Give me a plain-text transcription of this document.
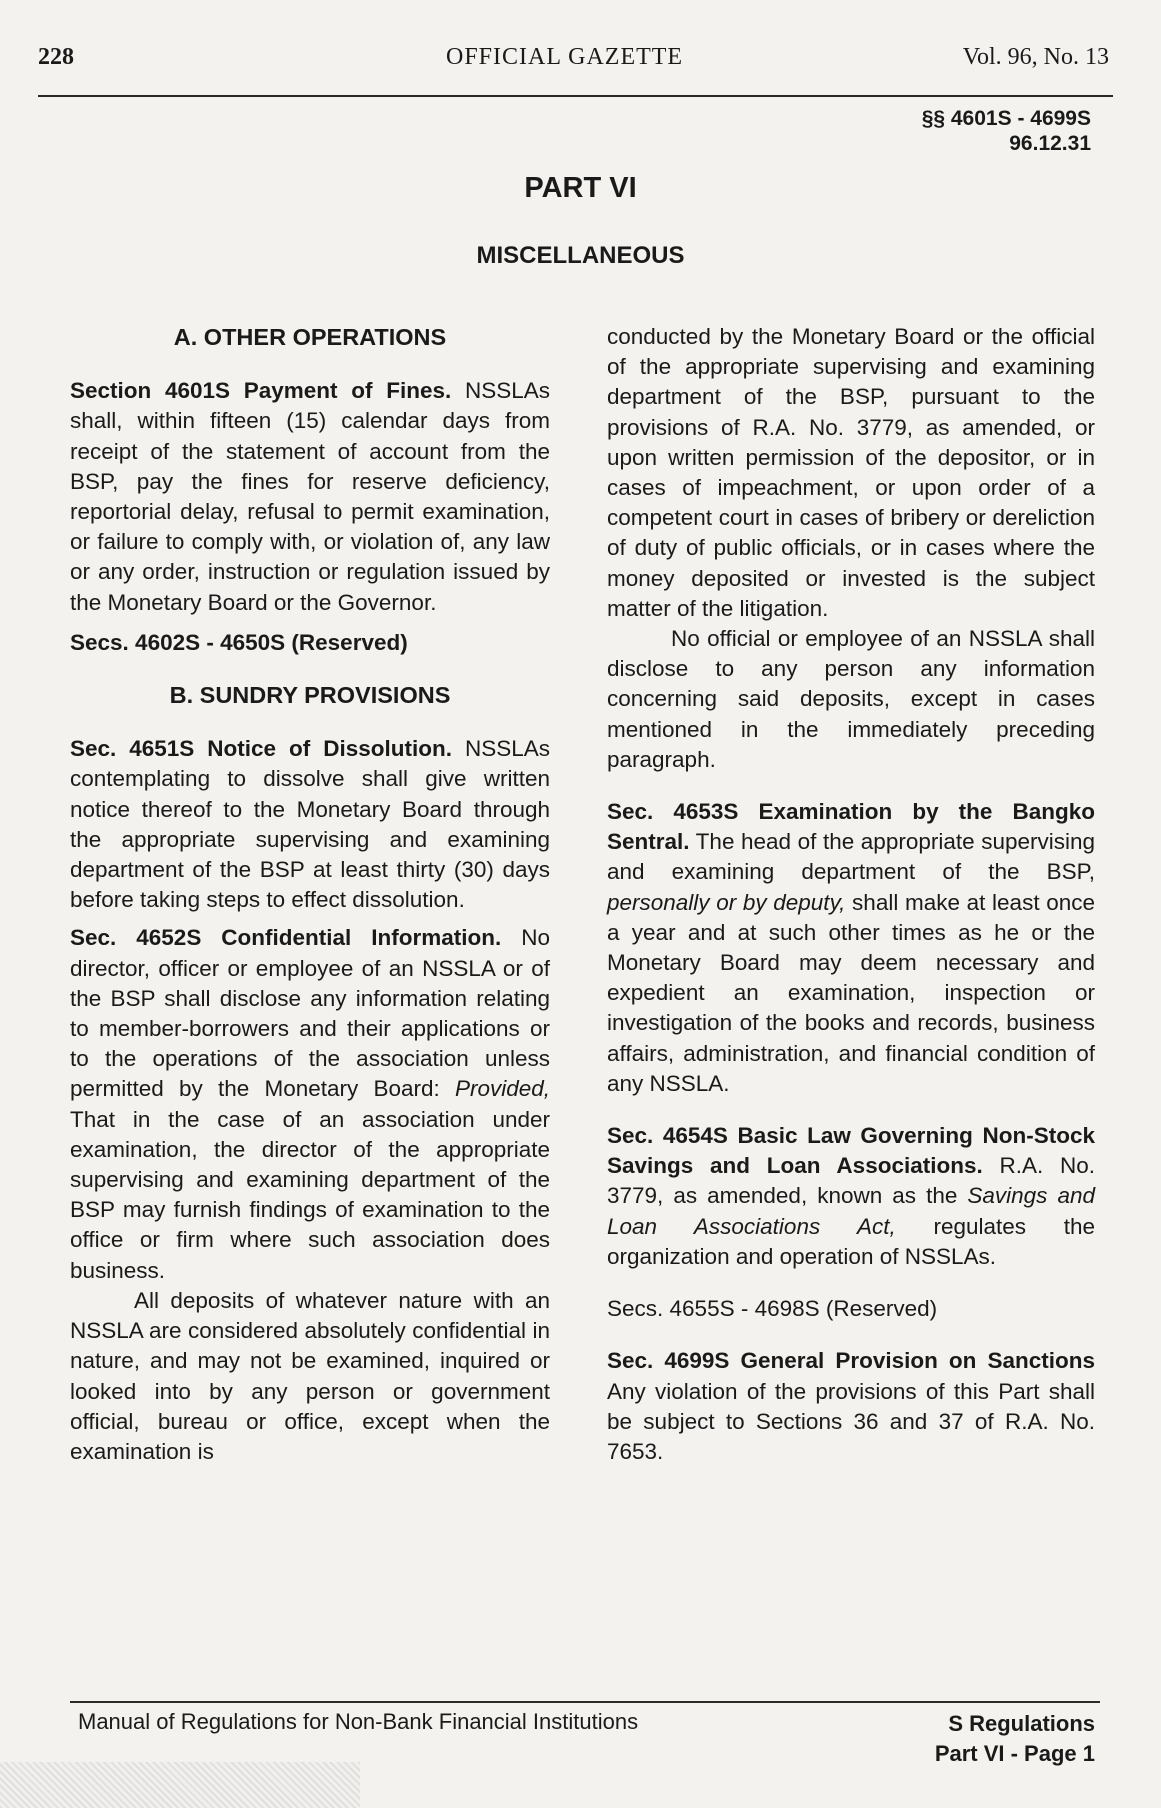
228	OFFICIAL GAZETTE	Vol. 96, No. 13
§§ 4601S - 4699S
96.12.31
PART VI
MISCELLANEOUS
A. OTHER OPERATIONS

Section 4601S Payment of Fines. NSSLAs shall, within fifteen (15) calendar days from receipt of the statement of account from the BSP, pay the fines for reserve deficiency, reportorial delay, refusal to permit examination, or failure to comply with, or violation of, any law or any order, instruction or regulation issued by the Monetary Board or the Governor.

Secs. 4602S - 4650S (Reserved)

B. SUNDRY PROVISIONS

Sec. 4651S Notice of Dissolution. NSSLAs contemplating to dissolve shall give written notice thereof to the Monetary Board through the appropriate supervising and examining department of the BSP at least thirty (30) days before taking steps to effect dissolution.

Sec. 4652S Confidential Information. No director, officer or employee of an NSSLA or of the BSP shall disclose any information relating to member-borrowers and their applications or to the operations of the association unless permitted by the Monetary Board: Provided, That in the case of an association under examination, the director of the appropriate supervising and examining department of the BSP may furnish findings of examination to the office or firm where such association does business.

All deposits of whatever nature with an NSSLA are considered absolutely confidential in nature, and may not be examined, inquired or looked into by any person or government official, bureau or office, except when the examination is

conducted by the Monetary Board or the official of the appropriate supervising and examining department of the BSP, pursuant to the provisions of R.A. No. 3779, as amended, or upon written permission of the depositor, or in cases of impeachment, or upon order of a competent court in cases of bribery or dereliction of duty of public officials, or in cases where the money deposited or invested is the subject matter of the litigation.

No official or employee of an NSSLA shall disclose to any person any information concerning said deposits, except in cases mentioned in the immediately preceding paragraph.

Sec. 4653S Examination by the Bangko Sentral. The head of the appropriate supervising and examining department of the BSP, personally or by deputy, shall make at least once a year and at such other times as he or the Monetary Board may deem necessary and expedient an examination, inspection or investigation of the books and records, business affairs, administration, and financial condition of any NSSLA.

Sec. 4654S Basic Law Governing Non-Stock Savings and Loan Associations. R.A. No. 3779, as amended, known as the Savings and Loan Associations Act, regulates the organization and operation of NSSLAs.

Secs. 4655S - 4698S (Reserved)

Sec. 4699S General Provision on Sanctions Any violation of the provisions of this Part shall be subject to Sections 36 and 37 of R.A. No. 7653.

Manual of Regulations for Non-Bank Financial Institutions	S Regulations
Part VI - Page 1
